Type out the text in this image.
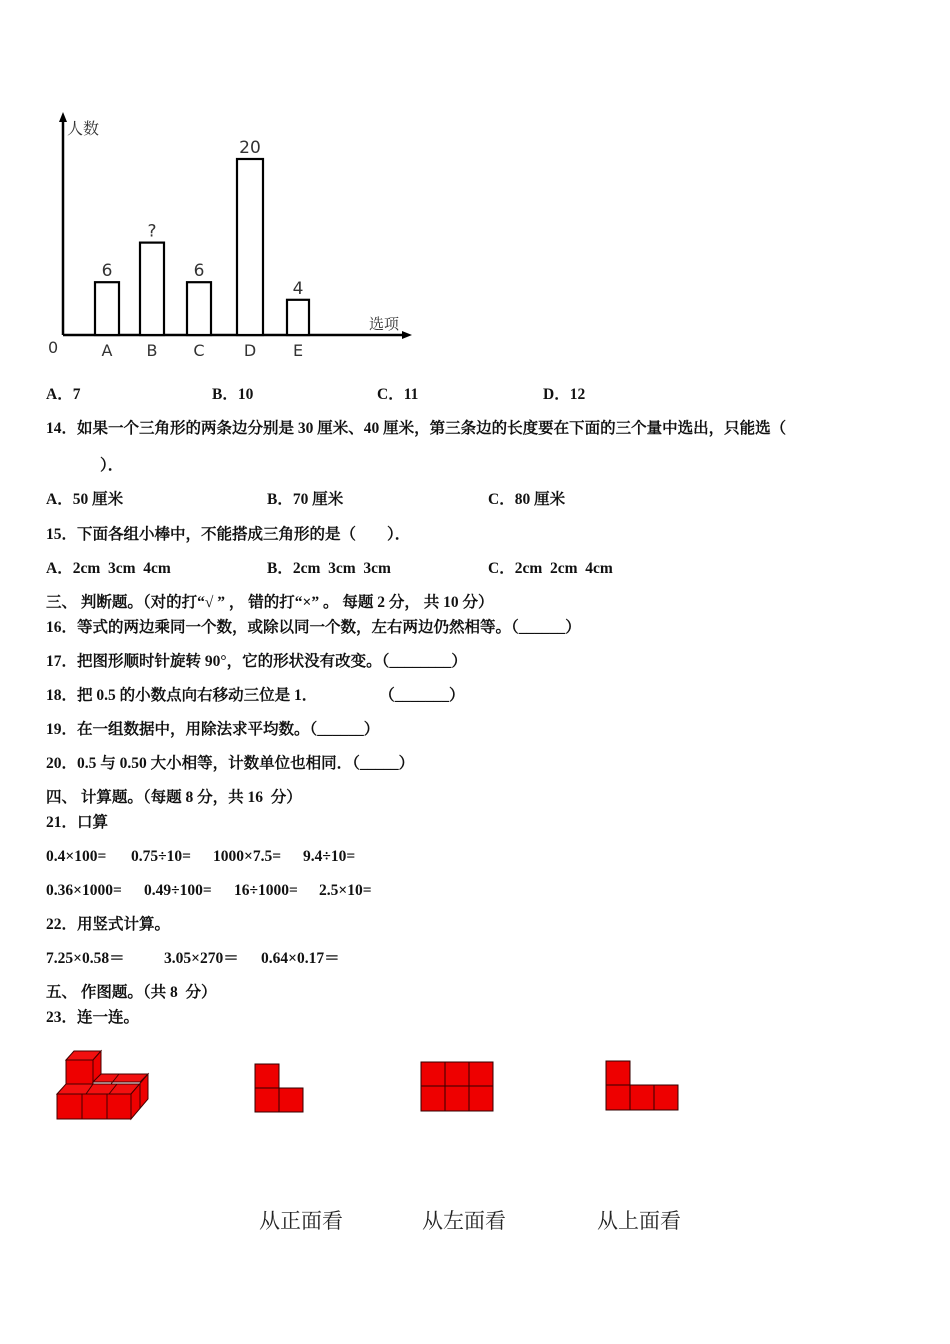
人数
选项
0
6
A
?
B
6
C
20
D
4
E
A．7	B．10	C．11	D．12
14．如果一个三角形的两条边分别是 30 厘米、40 厘米，第三条边的长度要在下面的三个量中选出，只能选（
）．
A．50 厘米	B．70 厘米	C．80 厘米
15．下面各组小棒中，不能搭成三角形的是（　　）．
A．2cm  3cm  4cm	B．2cm  3cm  3cm	C．2cm  2cm  4cm
三、 判断题。（对的打“√ ” ， 错的打“×” 。 每题 2 分， 共 10 分）
16．等式的两边乘同一个数，或除以同一个数，左右两边仍然相等。（______）
17．把图形顺时针旋转 90°，它的形状没有改变。（________）
18．把 0.5 的小数点向右移动三位是 1．                （_______）
19．在一组数据中，用除法求平均数。（______）
20．0.5 与 0.50 大小相等，计数单位也相同．（_____）
四、 计算题。（每题 8 分，共 16  分）
21．口算
0.4×100= 0.75÷10= 1000×7.5= 9.4÷10=
0.36×1000= 0.49÷100= 16÷1000= 2.5×10=
22．用竖式计算。
7.25×0.58＝	3.05×270＝ 0.64×0.17＝
五、 作图题。（共 8  分）
23．连一连。
从正面看	从左面看	从上面看
